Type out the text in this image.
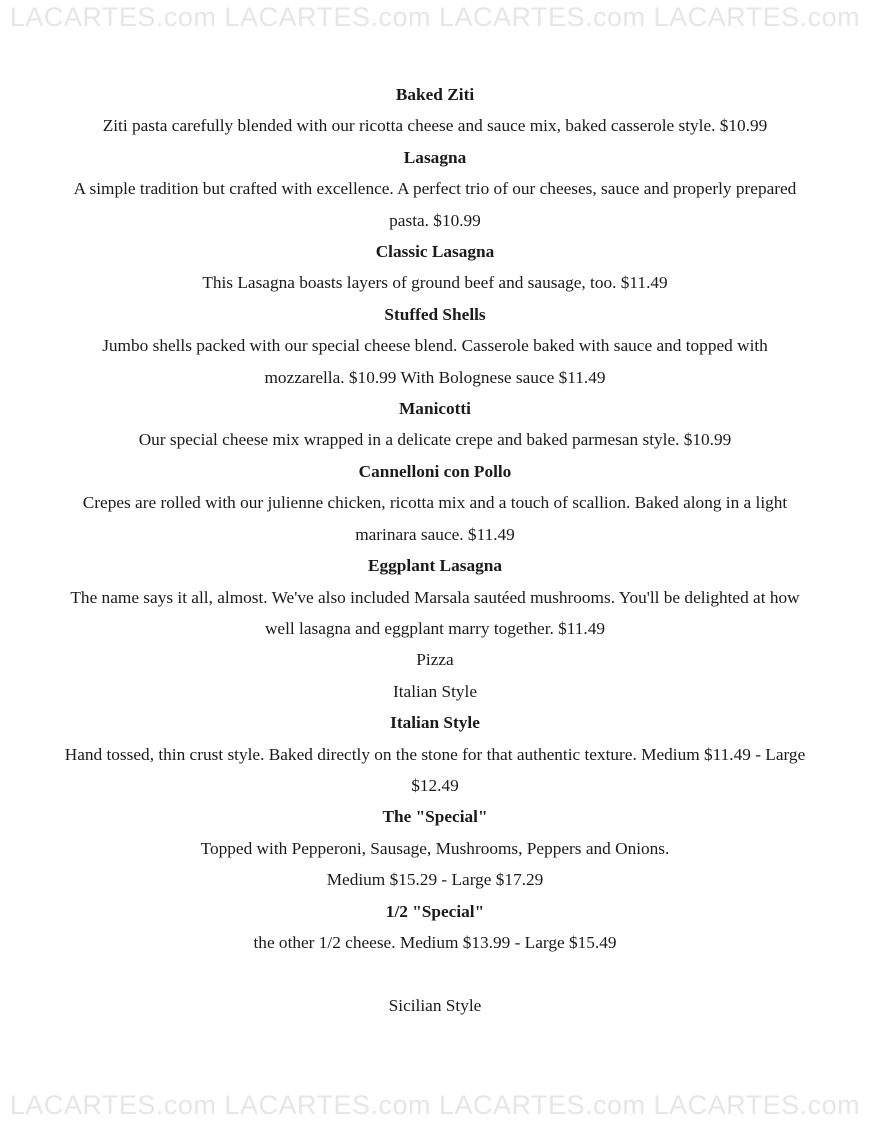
LACARTES.com LACARTES.com LACARTES.com LACARTES.com

Baked Ziti

Ziti pasta carefully blended with our ricotta cheese and sauce mix, baked casserole style. $10.99

Lasagna

A simple tradition but crafted with excellence. A perfect trio of our cheeses, sauce and properly prepared pasta. $10.99

Classic Lasagna

This Lasagna boasts layers of ground beef and sausage, too. $11.49

Stuffed Shells

Jumbo shells packed with our special cheese blend. Casserole baked with sauce and topped with mozzarella. $10.99 With Bolognese sauce $11.49

Manicotti

Our special cheese mix wrapped in a delicate crepe and baked parmesan style. $10.99

Cannelloni con Pollo

Crepes are rolled with our julienne chicken, ricotta mix and a touch of scallion. Baked along in a light marinara sauce. $11.49

Eggplant Lasagna

The name says it all, almost. We've also included Marsala sautéed mushrooms. You'll be delighted at how well lasagna and eggplant marry together. $11.49

Pizza

Italian Style

Italian Style

Hand tossed, thin crust style. Baked directly on the stone for that authentic texture. Medium $11.49 - Large $12.49

The "Special"

Topped with Pepperoni, Sausage, Mushrooms, Peppers and Onions.

Medium $15.29 - Large $17.29

1/2 "Special"

the other 1/2 cheese. Medium $13.99 - Large $15.49

Sicilian Style

LACARTES.com LACARTES.com LACARTES.com LACARTES.com
